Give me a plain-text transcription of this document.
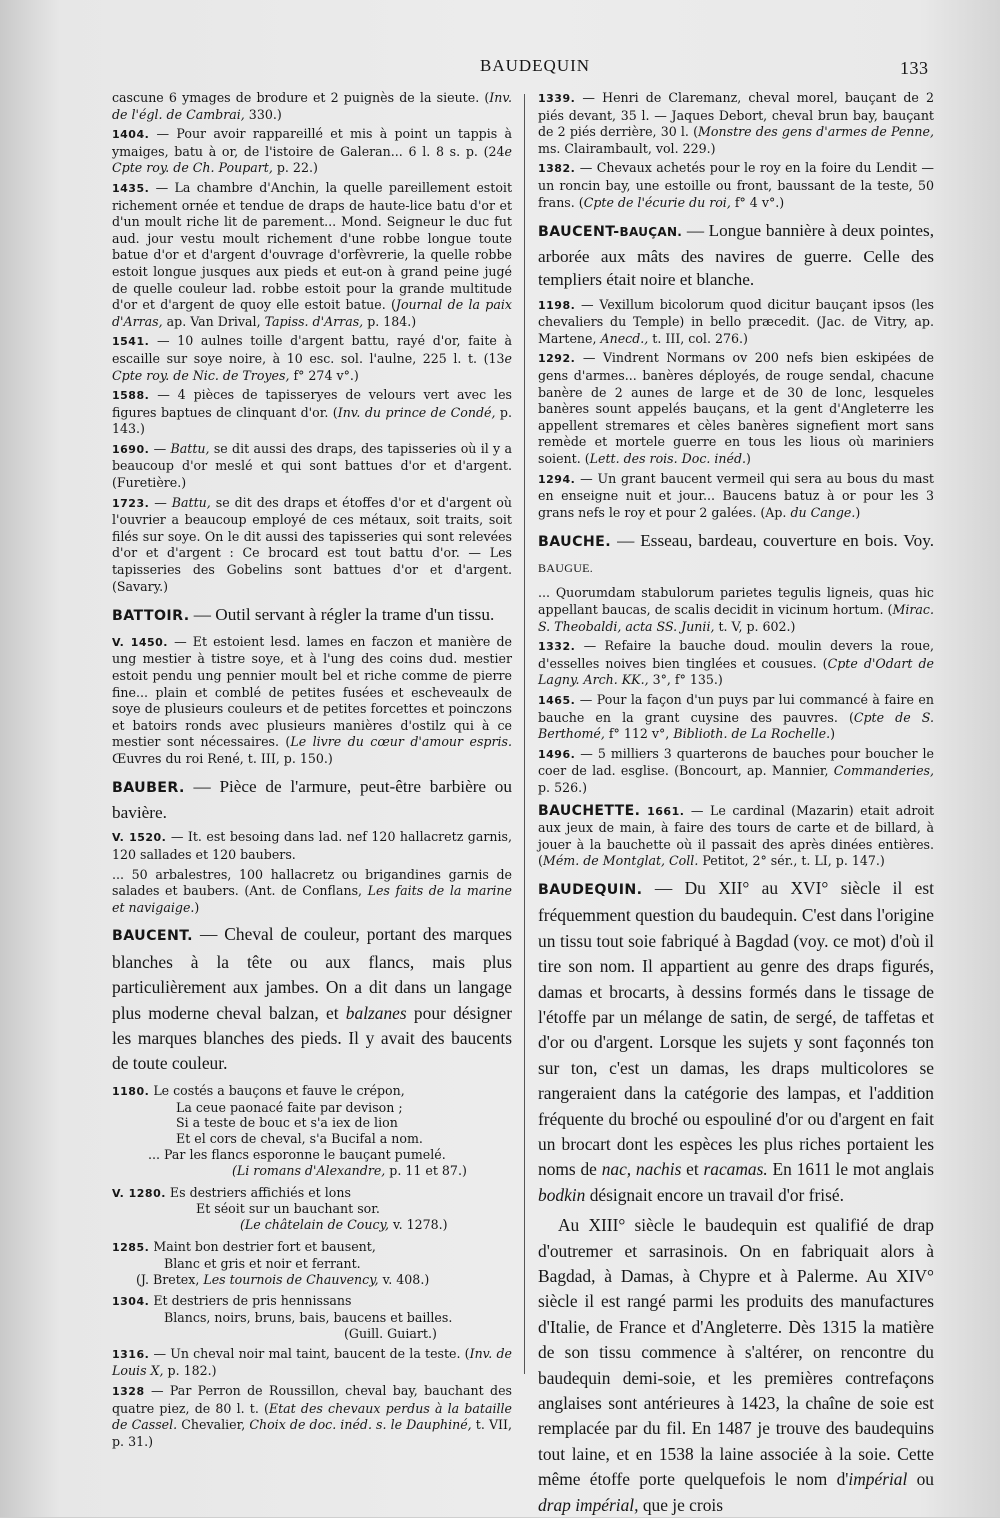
BAUDEQUIN	133

cascune 6 ymages de brodure et 2 puignès de la sieute. (Inv. de l'égl. de Cambrai, 330.)

1404. — Pour avoir rappareillé et mis à point un tappis à ymaiges, batu à or, de l'istoire de Galeran... 6 l. 8 s. p. (24e Cpte roy. de Ch. Poupart, p. 22.)

1435. — La chambre d'Anchin, la quelle pareillement estoit richement ornée et tendue de draps de haute-lice batu d'or et d'un moult riche lit de parement... Mond. Seigneur le duc fut aud. jour vestu moult richement d'une robbe longue toute batue d'or et d'argent d'ouvrage d'orfèvrerie, la quelle robbe estoit longue jusques aux pieds et eut-on à grand peine jugé de quelle couleur lad. robbe estoit pour la grande multitude d'or et d'argent de quoy elle estoit batue. (Journal de la paix d'Arras, ap. Van Drival, Tapiss. d'Arras, p. 184.)

1541. — 10 aulnes toille d'argent battu, rayé d'or, faite à escaille sur soye noire, à 10 esc. sol. l'aulne, 225 l. t. (13e Cpte roy. de Nic. de Troyes, f° 274 v°.)

1588. — 4 pièces de tapisseryes de velours vert avec les figures baptues de clinquant d'or. (Inv. du prince de Condé, p. 143.)

1690. — Battu, se dit aussi des draps, des tapisseries où il y a beaucoup d'or meslé et qui sont battues d'or et d'argent. (Furetière.)

1723. — Battu, se dit des draps et étoffes d'or et d'argent où l'ouvrier a beaucoup employé de ces métaux, soit traits, soit filés sur soye. On le dit aussi des tapisseries qui sont relevées d'or et d'argent : Ce brocard est tout battu d'or. — Les tapisseries des Gobelins sont battues d'or et d'argent. (Savary.)

BATTOIR. — Outil servant à régler la trame d'un tissu.

V. 1450. — Et estoient lesd. lames en faczon et manière de ung mestier à tistre soye, et à l'ung des coins dud. mestier estoit pendu ung pennier moult bel et riche comme de pierre fine... plain et comblé de petites fusées et escheveaulx de soye de plusieurs couleurs et de petites forcettes et poinczons et batoirs ronds avec plusieurs manières d'ostilz qui à ce mestier sont nécessaires. (Le livre du cœur d'amour espris. Œuvres du roi René, t. III, p. 150.)

BAUBER. — Pièce de l'armure, peut-être barbière ou bavière.

V. 1520. — It. est besoing dans lad. nef 120 hallacretz garnis, 120 sallades et 120 baubers.

... 50 arbalestres, 100 hallacretz ou brigandines garnis de salades et baubers. (Ant. de Conflans, Les faits de la marine et navigaige.)

BAUCENT. — Cheval de couleur, portant des marques blanches à la tête ou aux flancs, mais plus particulièrement aux jambes. On a dit dans un langage plus moderne cheval balzan, et balzanes pour désigner les marques blanches des pieds. Il y avait des baucents de toute couleur.

1180. Le costés a bauçons et fauve le crépon,
La ceue paonacé faite par devison ;
Si a teste de bouc et s'a iex de lion
Et el cors de cheval, s'a Bucifal a nom.
... Par les flancs esporonne le bauçant pumelé.
(Li romans d'Alexandre, p. 11 et 87.)
V. 1280. Es destriers affichiés et lons
Et séoit sur un bauchant sor.
(Le châtelain de Coucy, v. 1278.)
1285. Maint bon destrier fort et bausent,
Blanc et gris et noir et ferrant.
(J. Bretex, Les tournois de Chauvency, v. 408.)
1304. Et destriers de pris hennissans
Blancs, noirs, bruns, bais, baucens et bailles.
(Guill. Guiart.)

1316. — Un cheval noir mal taint, baucent de la teste. (Inv. de Louis X, p. 182.)

1328 — Par Perron de Roussillon, cheval bay, bauchant des quatre piez, de 80 l. t. (Etat des chevaux perdus à la bataille de Cassel. Chevalier, Choix de doc. inéd. s. le Dauphiné, t. VII, p. 31.)

1339. — Henri de Claremanz, cheval morel, bauçant de 2 piés devant, 35 l. — Jaques Debort, cheval brun bay, bauçant de 2 piés derrière, 30 l. (Monstre des gens d'armes de Penne, ms. Clairambault, vol. 229.)

1382. — Chevaux achetés pour le roy en la foire du Lendit — un roncin bay, une estoille ou front, baussant de la teste, 50 frans. (Cpte de l'écurie du roi, f° 4 v°.)

BAUCENT-BAUÇAN. — Longue bannière à deux pointes, arborée aux mâts des navires de guerre. Celle des templiers était noire et blanche.

1198. — Vexillum bicolorum quod dicitur bauçant ipsos (les chevaliers du Temple) in bello præcedit. (Jac. de Vitry, ap. Martene, Anecd., t. III, col. 276.)

1292. — Vindrent Normans ov 200 nefs bien eskipées de gens d'armes... banères déployés, de rouge sendal, chacune banère de 2 aunes de large et de 30 de lonc, lesqueles banères sount appelés bauçans, et la gent d'Angleterre les appellent stremares et cèles banères signefient mort sans remède et mortele guerre en tous les lious où mariniers soient. (Lett. des rois. Doc. inéd.)

1294. — Un grant baucent vermeil qui sera au bous du mast en enseigne nuit et jour... Baucens batuz à or pour les 3 grans nefs le roy et pour 2 galées. (Ap. du Cange.)

BAUCHE. — Esseau, bardeau, couverture en bois. Voy. BAUGUE.

... Quorumdam stabulorum parietes tegulis ligneis, quas hic appellant baucas, de scalis decidit in vicinum hortum. (Mirac. S. Theobaldi, acta SS. Junii, t. V, p. 602.)

1332. — Refaire la bauche doud. moulin devers la roue, d'esselles noives bien tinglées et cousues. (Cpte d'Odart de Lagny. Arch. KK., 3°, f° 135.)

1465. — Pour la façon d'un puys par lui commancé à faire en bauche en la grant cuysine des pauvres. (Cpte de S. Berthomé, f° 112 v°, Biblioth. de La Rochelle.)

1496. — 5 milliers 3 quarterons de bauches pour boucher le coer de lad. esglise. (Boncourt, ap. Mannier, Commanderies, p. 526.)

BAUCHETTE. 1661. — Le cardinal (Mazarin) etait adroit aux jeux de main, à faire des tours de carte et de billard, à jouer à la bauchette où il passait des après dinées entières. (Mém. de Montglat, Coll. Petitot, 2° sér., t. LI, p. 147.)

BAUDEQUIN. — Du XII° au XVI° siècle il est fréquemment question du baudequin. C'est dans l'origine un tissu tout soie fabriqué à Bagdad (voy. ce mot) d'où il tire son nom. Il appartient au genre des draps figurés, damas et brocarts, à dessins formés dans le tissage de l'étoffe par un mélange de satin, de sergé, de taffetas et d'or ou d'argent. Lorsque les sujets y sont façonnés ton sur ton, c'est un damas, les draps multicolores se rangeraient dans la catégorie des lampas, et l'addition fréquente du broché ou espouliné d'or ou d'argent en fait un brocart dont les espèces les plus riches portaient les noms de nac, nachis et racamas. En 1611 le mot anglais bodkin désignait encore un travail d'or frisé.

Au XIII° siècle le baudequin est qualifié de drap d'outremer et sarrasinois. On en fabriquait alors à Bagdad, à Damas, à Chypre et à Palerme. Au XIV° siècle il est rangé parmi les produits des manufactures d'Italie, de France et d'Angleterre. Dès 1315 la matière de son tissu commence à s'altérer, on rencontre du baudequin demi-soie, et les premières contrefaçons anglaises sont antérieures à 1423, la chaîne de soie est remplacée par du fil. En 1487 je trouve des baudequins tout laine, et en 1538 la laine associée à la soie. Cette même étoffe porte quelquefois le nom d'impérial ou drap impérial, que je crois
